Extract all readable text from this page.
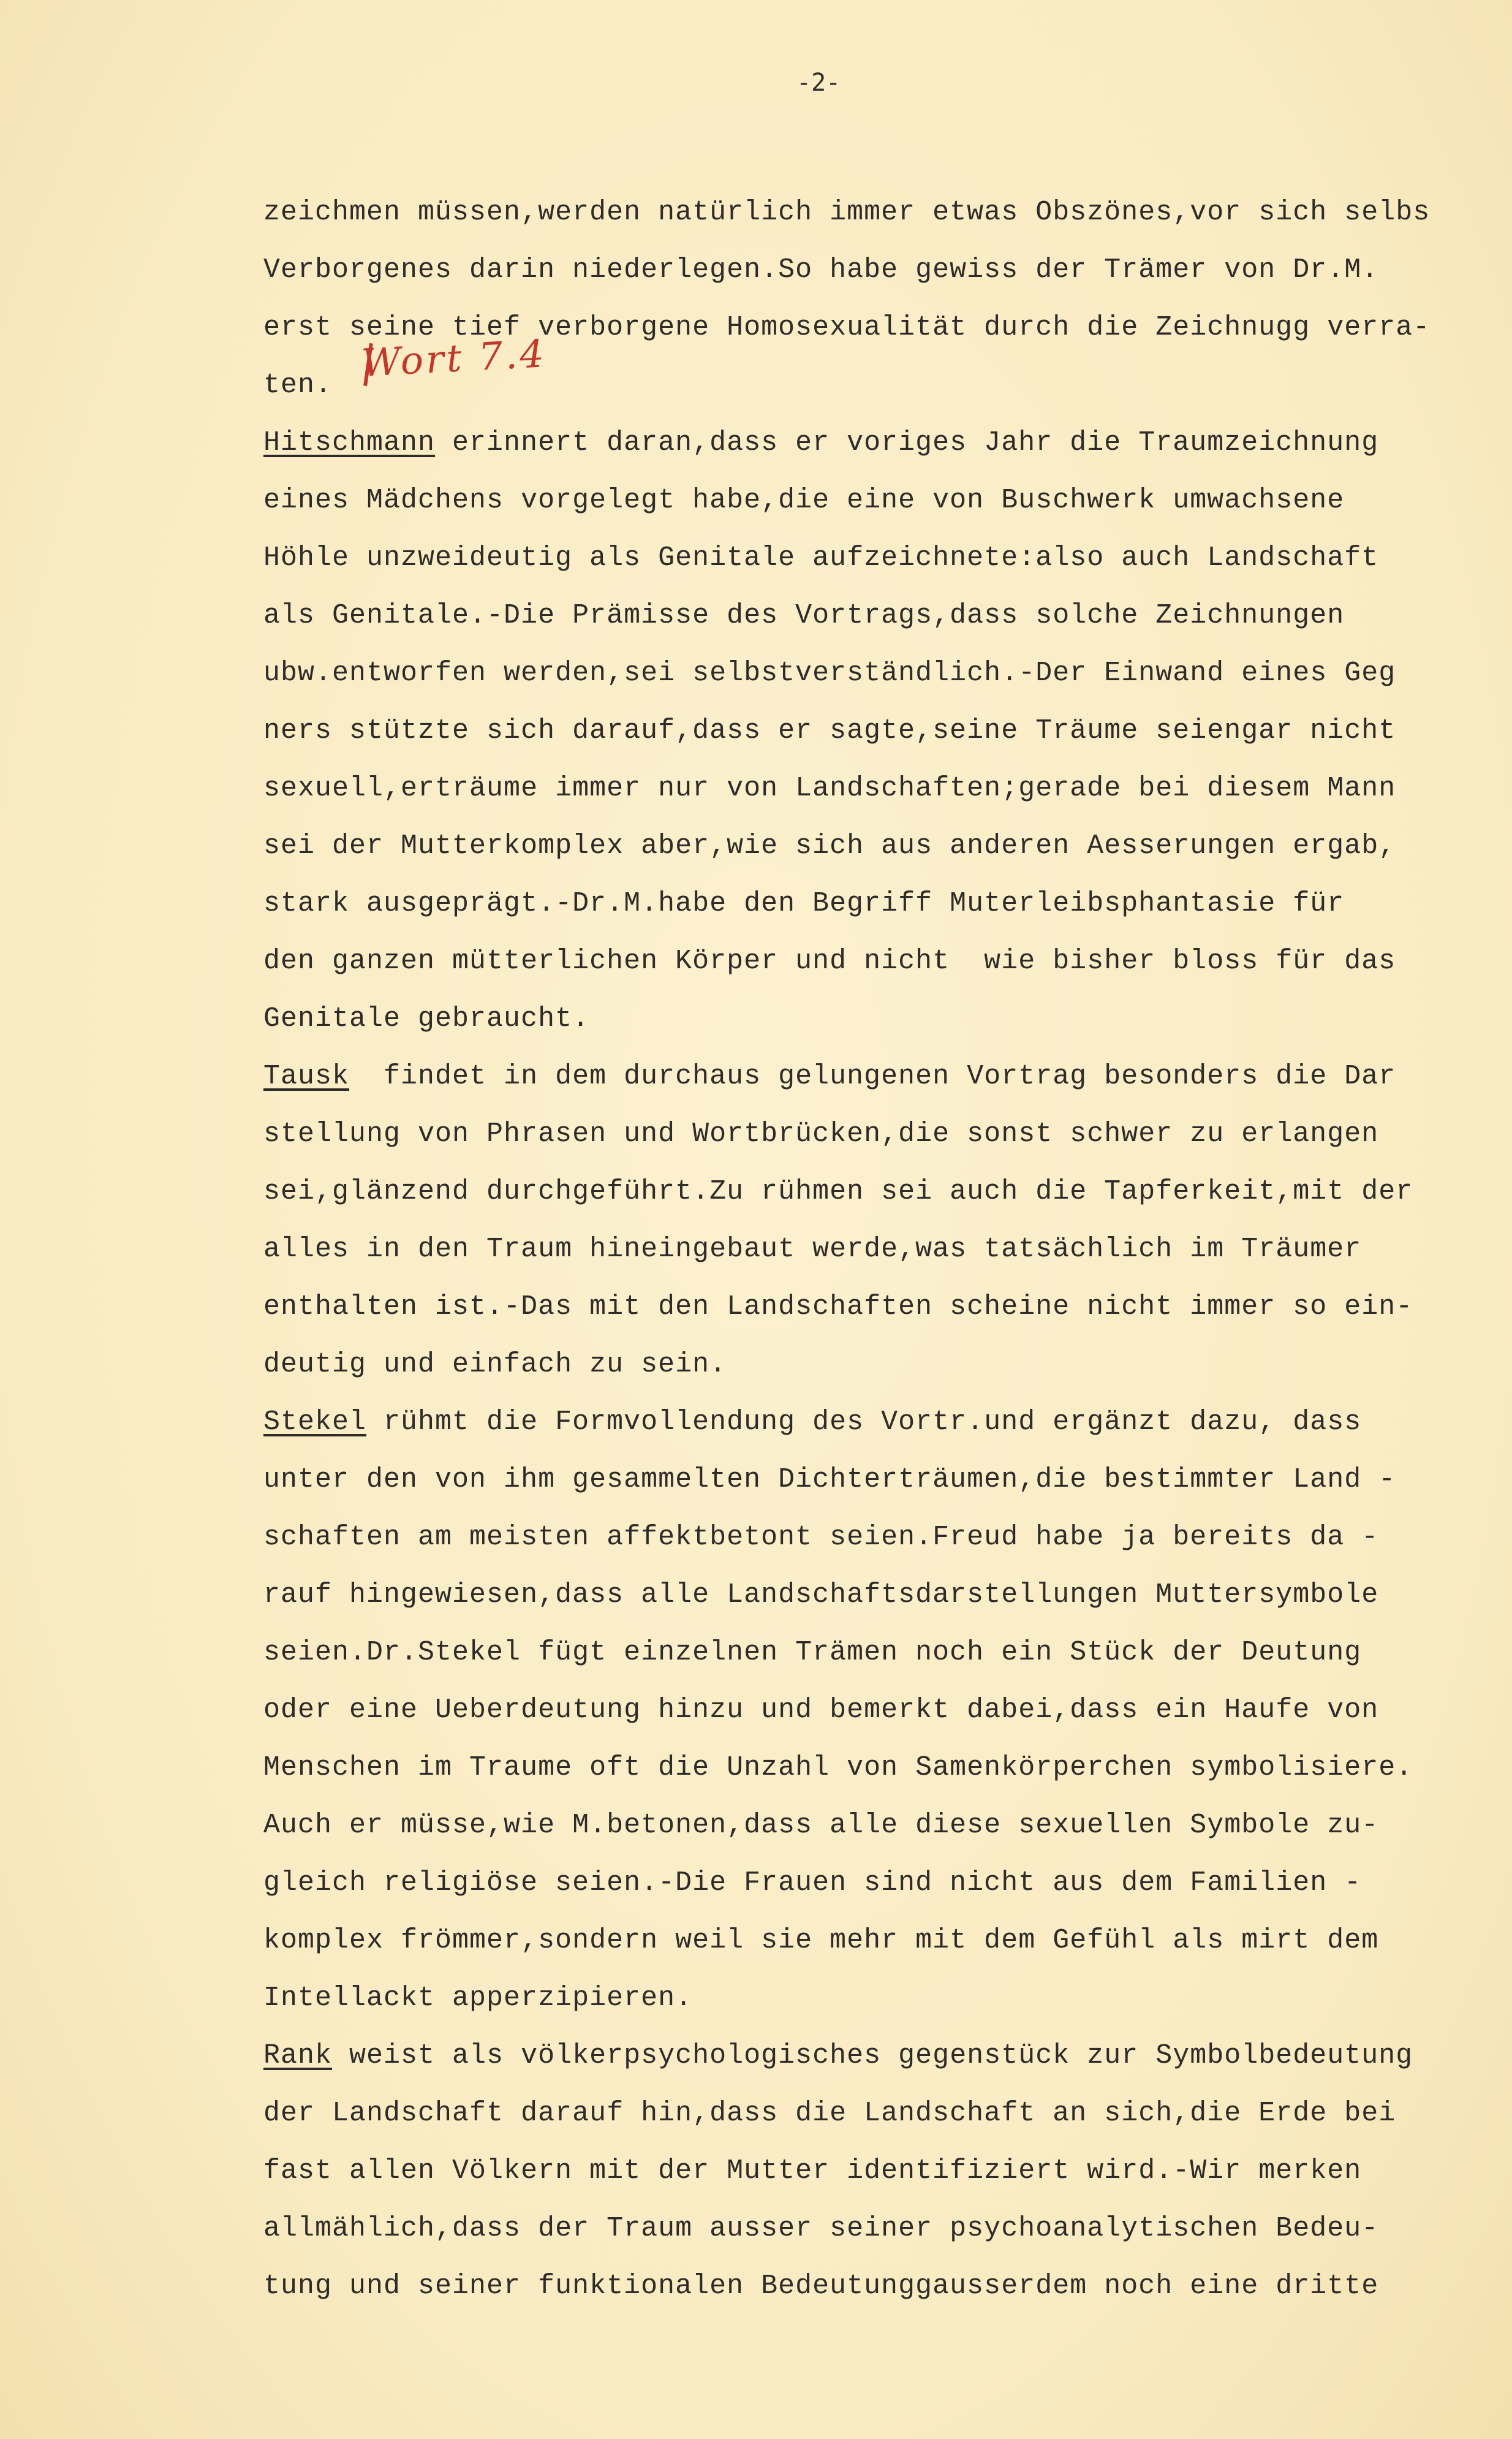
-2-
Wort 7.4
zeichmen müssen,werden natürlich immer etwas Obszönes,vor sich selbs
Verborgenes darin niederlegen.So habe gewiss der Trämer von Dr.M.
erst seine tief verborgene Homosexualität durch die Zeichnugg verra-
ten.
Hitschmann erinnert daran,dass er voriges Jahr die Traumzeichnung
eines Mädchens vorgelegt habe,die eine von Buschwerk umwachsene
Höhle unzweideutig als Genitale aufzeichnete:also auch Landschaft
als Genitale.-Die Prämisse des Vortrags,dass solche Zeichnungen
ubw.entworfen werden,sei selbstverständlich.-Der Einwand eines Geg
ners stützte sich darauf,dass er sagte,seine Träume seiengar nicht
sexuell,erträume immer nur von Landschaften;gerade bei diesem Mann
sei der Mutterkomplex aber,wie sich aus anderen Aesserungen ergab,
stark ausgeprägt.-Dr.M.habe den Begriff Muterleibsphantasie für
den ganzen mütterlichen Körper und nicht  wie bisher bloss für das
Genitale gebraucht.
Tausk  findet in dem durchaus gelungenen Vortrag besonders die Dar
stellung von Phrasen und Wortbrücken,die sonst schwer zu erlangen
sei,glänzend durchgeführt.Zu rühmen sei auch die Tapferkeit,mit der
alles in den Traum hineingebaut werde,was tatsächlich im Träumer
enthalten ist.-Das mit den Landschaften scheine nicht immer so ein-
deutig und einfach zu sein.
Stekel rühmt die Formvollendung des Vortr.und ergänzt dazu, dass
unter den von ihm gesammelten Dichterträumen,die bestimmter Land -
schaften am meisten affektbetont seien.Freud habe ja bereits da -
rauf hingewiesen,dass alle Landschaftsdarstellungen Muttersymbole
seien.Dr.Stekel fügt einzelnen Trämen noch ein Stück der Deutung
oder eine Ueberdeutung hinzu und bemerkt dabei,dass ein Haufe von
Menschen im Traume oft die Unzahl von Samenkörperchen symbolisiere.
Auch er müsse,wie M.betonen,dass alle diese sexuellen Symbole zu-
gleich religiöse seien.-Die Frauen sind nicht aus dem Familien -
komplex frömmer,sondern weil sie mehr mit dem Gefühl als mirt dem
Intellackt apperzipieren.
Rank weist als völkerpsychologisches gegenstück zur Symbolbedeutung
der Landschaft darauf hin,dass die Landschaft an sich,die Erde bei
fast allen Völkern mit der Mutter identifiziert wird.-Wir merken
allmählich,dass der Traum ausser seiner psychoanalytischen Bedeu-
tung und seiner funktionalen Bedeutunggausserdem noch eine dritte
